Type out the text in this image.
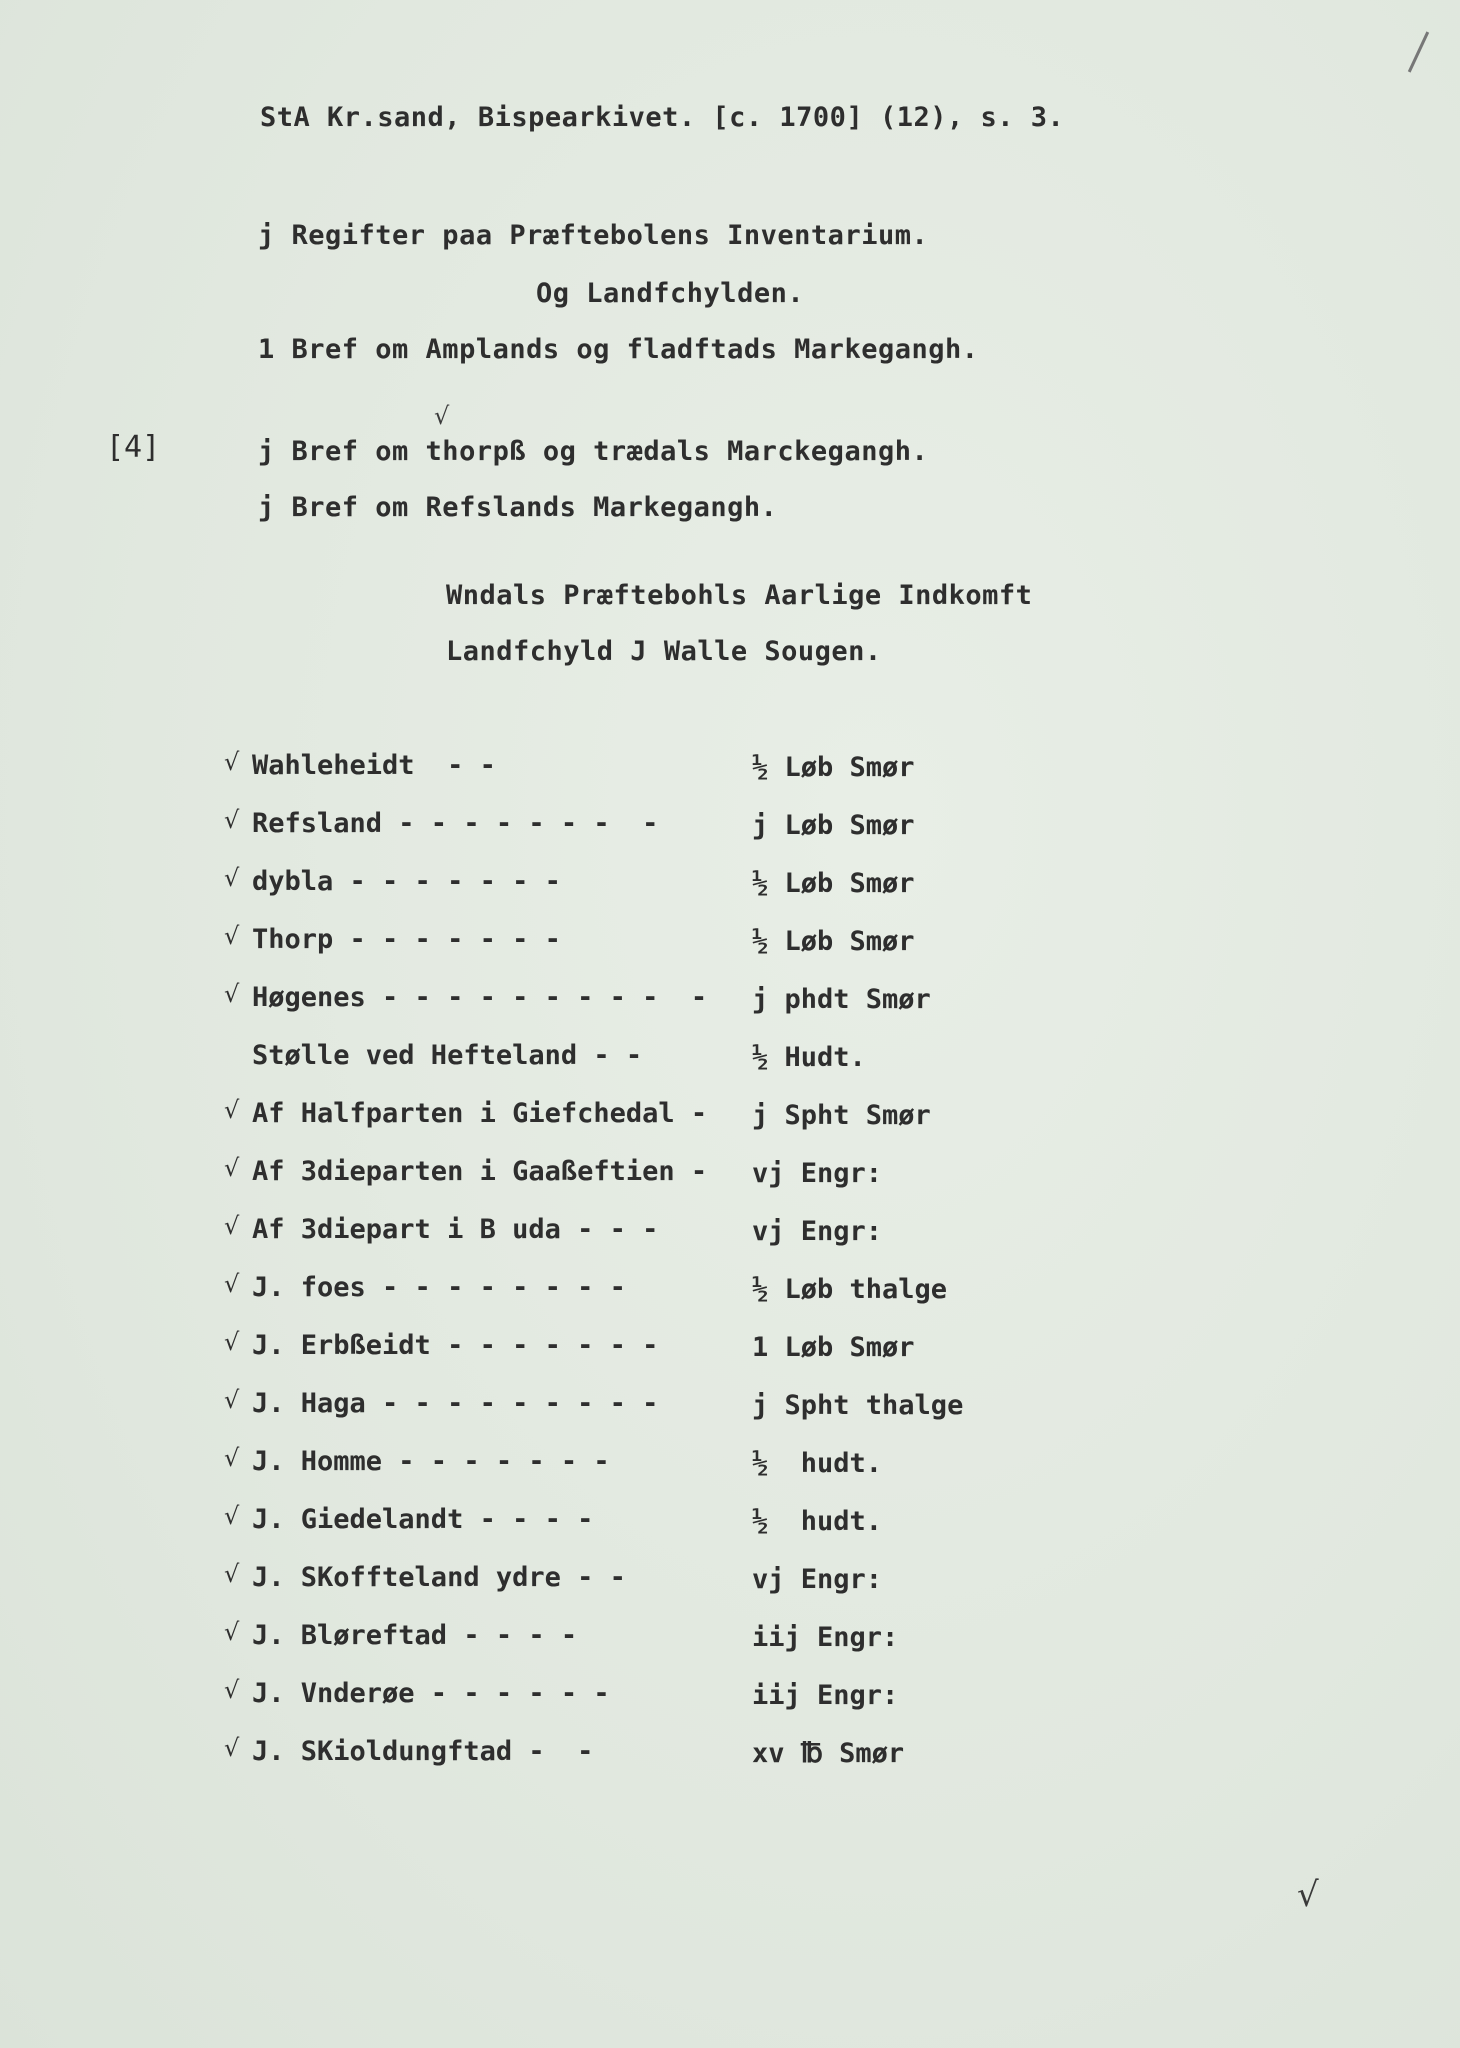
StA Kr.sand, Bispearkivet. [c. 1700] (12), s. 3.
j Regifter paa Præftebolens Inventarium.
Og Landfchylden.
1 Bref om Amplands og fladftads Markegangh.
[4]
√
j Bref om thorpß og trædals Marckegangh.
j Bref om Refslands Markegangh.
Wndals Præftebohls Aarlige Indkomft
Landfchyld J Walle Sougen.
√ Wahleheidt  - -	½ Løb Smør
√ Refsland - - - - - - -  -	j Løb Smør
√ dybla - - - - - - -	½ Løb Smør
√ Thorp - - - - - - -	½ Løb Smør
√ Høgenes - - - - - - - - -  - j phdt Smør
Stølle ved Hefteland - -	½ Hudt.
√ Af Halfparten i Giefchedal - j Spht Smør
√ Af 3dieparten i Gaaßeftien - vj Engr:
√ Af 3diepart i B uda - - -	vj Engr:
√ J. foes - - - - - - - -	½ Løb thalge
√ J. Erbßeidt - - - - - - -	1 Løb Smør
√ J. Haga - - - - - - - - -	j Spht thalge
√ J. Homme - - - - - - -	½  hudt.
√ J. Giedelandt - - - -	½  hudt.
√ J. SKoffteland ydre - -	vj Engr:
√ J. Bløreftad - - - -	iij Engr:
√ J. Vnderøe - - - - - -	iij Engr:
√ J. SKioldungftad -  -	xv ℔ Smør
√
